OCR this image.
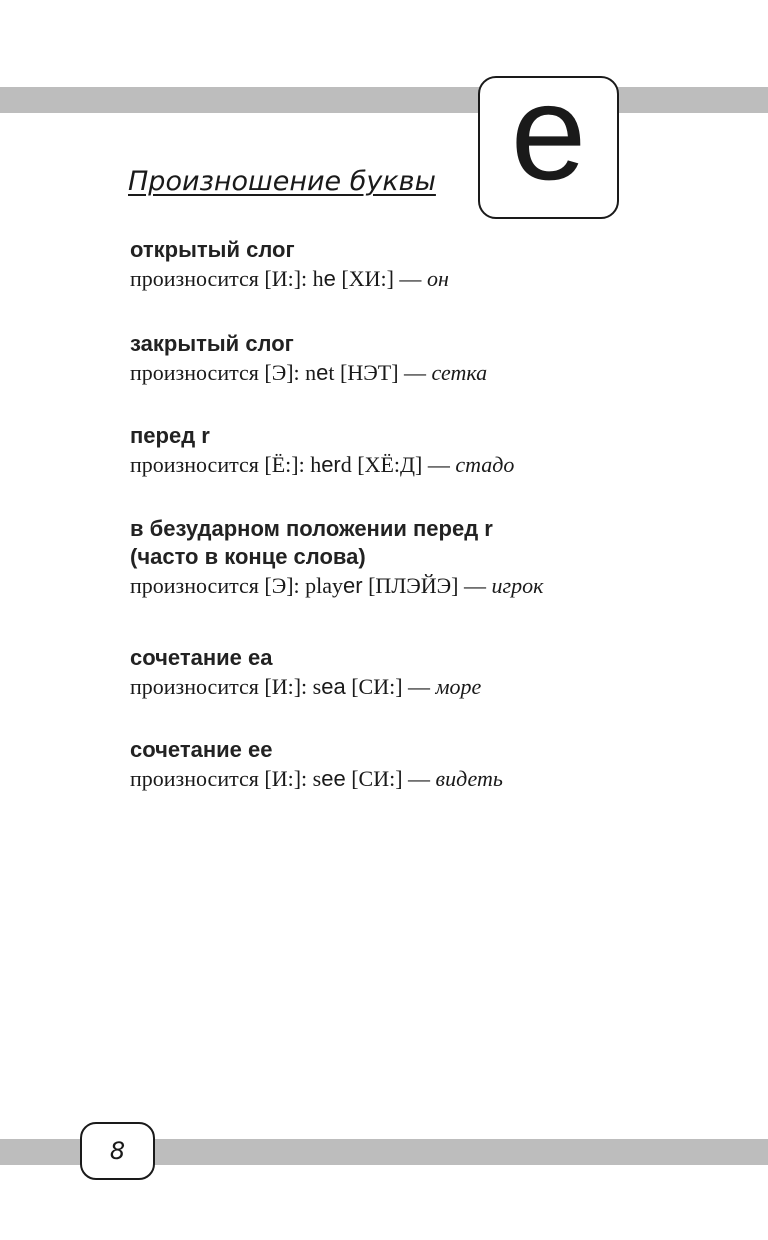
e
Произношение буквы
открытый слог
произносится [И:]: he [ХИ:] — он
закрытый слог
произносится [Э]: net [НЭТ] — сетка
перед r
произносится [Ё:]: herd [ХЁ:Д] — стадо
в безударном положении перед r
(часто в конце слова)
произносится [Э]: player [ПЛЭЙЭ] — игрок
сочетание ea
произносится [И:]: sea [СИ:] — море
сочетание ee
произносится [И:]: see [СИ:] — видеть
8
